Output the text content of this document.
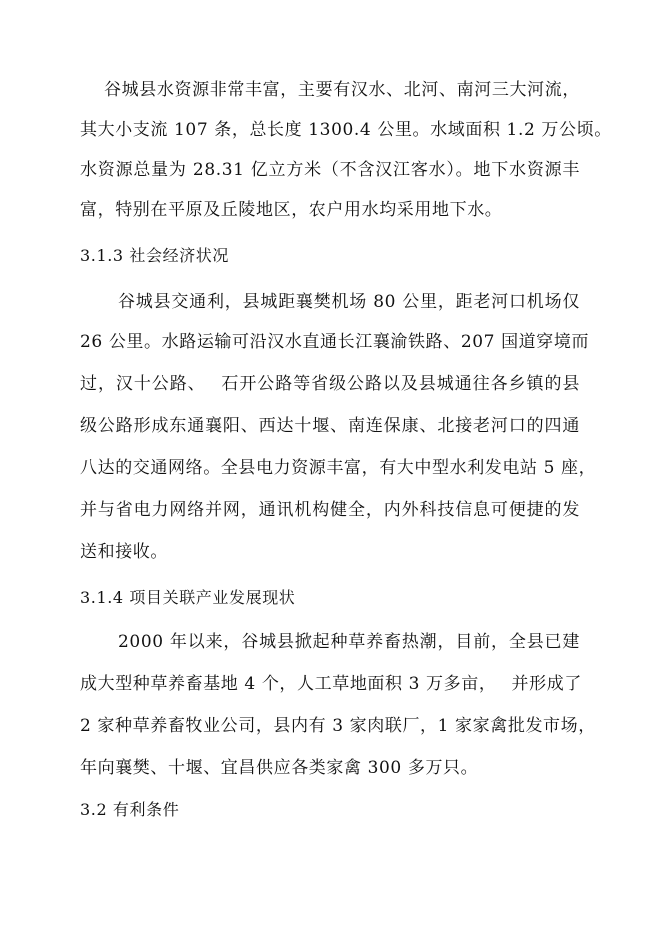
谷城县水资源非常丰富，主要有汉水、北河、南河三大河流，
其大小支流 107 条，总长度 1300.4 公里。水域面积 1.2 万公顷。
水资源总量为 28.31 亿立方米（不含汉江客水）。地下水资源丰
富，特别在平原及丘陵地区，农户用水均采用地下水。
3.1.3 社会经济状况
谷城县交通利，县城距襄樊机场 80 公里，距老河口机场仅
26 公里。水路运输可沿汉水直通长江襄渝铁路、207 国道穿境而
过，汉十公路、　 石开公路等省级公路以及县城通往各乡镇的县
级公路形成东通襄阳、西达十堰、南连保康、北接老河口的四通
八达的交通网络。全县电力资源丰富，有大中型水利发电站 5 座，
并与省电力网络并网，通讯机构健全，内外科技信息可便捷的发
送和接收。
3.1.4 项目关联产业发展现状
2000 年以来，谷城县掀起种草养畜热潮，目前，全县已建
成大型种草养畜基地 4 个，人工草地面积 3 万多亩，　 并形成了
2 家种草养畜牧业公司，县内有 3 家肉联厂，1 家家禽批发市场，
年向襄樊、十堰、宜昌供应各类家禽 300 多万只。
3.2 有利条件
